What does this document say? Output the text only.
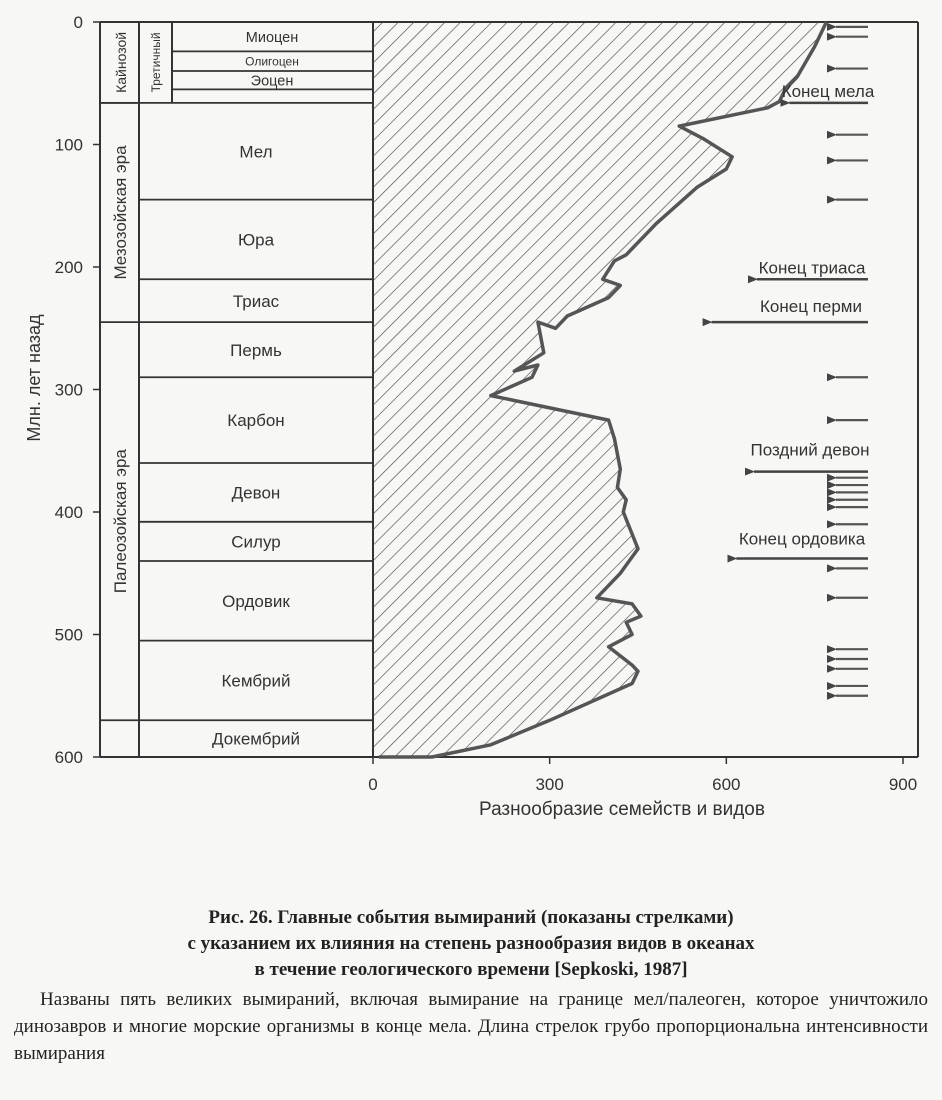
Миоцен
Олигоцен
Эоцен
Мел
Юра
Триас
Пермь
Карбон
Девон
Силур
Ордовик
Кембрий
Докембрий
Кайнозой
Мезозойская эра
Палеозойская эра
Третичный
0
100
200
300
400
500
600
0	300	600	900
Конец мела
Конец триаса
Конец перми
Поздний девон
Конец ордовика
Млн. лет назад
Разнообразие семейств и видов
Рис. 26. Главные события вымираний (показаны стрелками)
с указанием их влияния на степень разнообразия видов в океанах
в течение геологического времени [Sepkoski, 1987]
Названы пять великих вымираний, включая вымирание на границе мел/палеоген, которое уничтожило динозавров и многие морские организмы в конце мела. Длина стрелок грубо пропорциональна интенсивности вымирания
